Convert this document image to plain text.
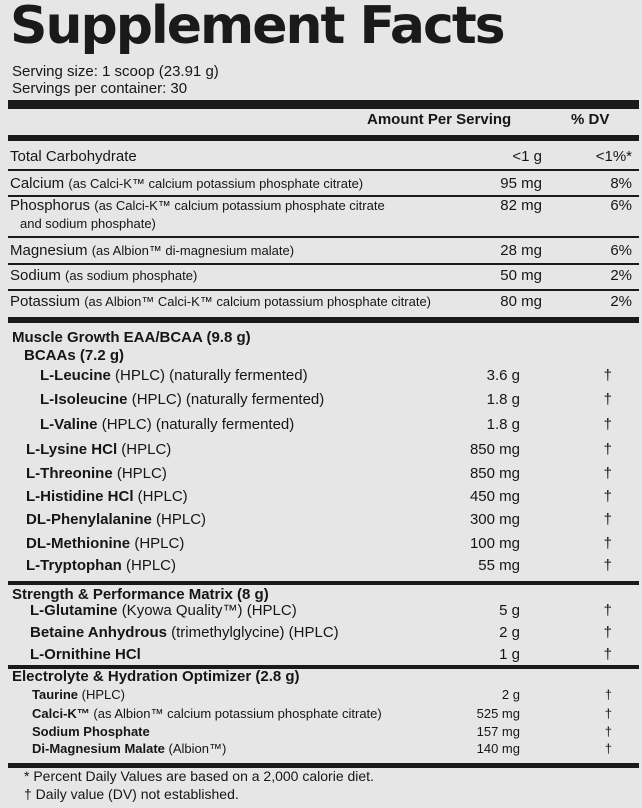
Supplement Facts
Serving size: 1 scoop (23.91 g)
Servings per container: 30
Amount Per Serving	% DV
Total Carbohydrate	<1 g	<1%*
Calcium (as Calci-K™ calcium potassium phosphate citrate)	95 mg	8%
Phosphorus (as Calci-K™ calcium potassium phosphate citrate	82 mg	6%
and sodium phosphate)
Magnesium (as Albion™ di-magnesium malate)	28 mg	6%
Sodium (as sodium phosphate)	50 mg	2%
Potassium (as Albion™ Calci-K™ calcium potassium phosphate citrate)	80 mg	2%
Muscle Growth EAA/BCAA (9.8 g)
BCAAs (7.2 g)
L-Leucine (HPLC) (naturally fermented)	3.6 g	†
L-Isoleucine (HPLC) (naturally fermented)	1.8 g	†
L-Valine (HPLC) (naturally fermented)	1.8 g	†
L-Lysine HCl (HPLC)	850 mg	†
L-Threonine (HPLC)	850 mg	†
L-Histidine HCl (HPLC)	450 mg	†
DL-Phenylalanine (HPLC)	300 mg	†
DL-Methionine (HPLC)	100 mg	†
L-Tryptophan (HPLC)	55 mg	†
Strength & Performance Matrix (8 g)
L-Glutamine (Kyowa Quality™) (HPLC)	5 g	†
Betaine Anhydrous (trimethylglycine) (HPLC)	2 g	†
L-Ornithine HCl	1 g	†
Electrolyte & Hydration Optimizer (2.8 g)
Taurine (HPLC)	2 g	†
Calci-K™ (as Albion™ calcium potassium phosphate citrate)	525 mg	†
Sodium Phosphate	157 mg	†
Di-Magnesium Malate (Albion™)	140 mg	†
* Percent Daily Values are based on a 2,000 calorie diet.
† Daily value (DV) not established.
